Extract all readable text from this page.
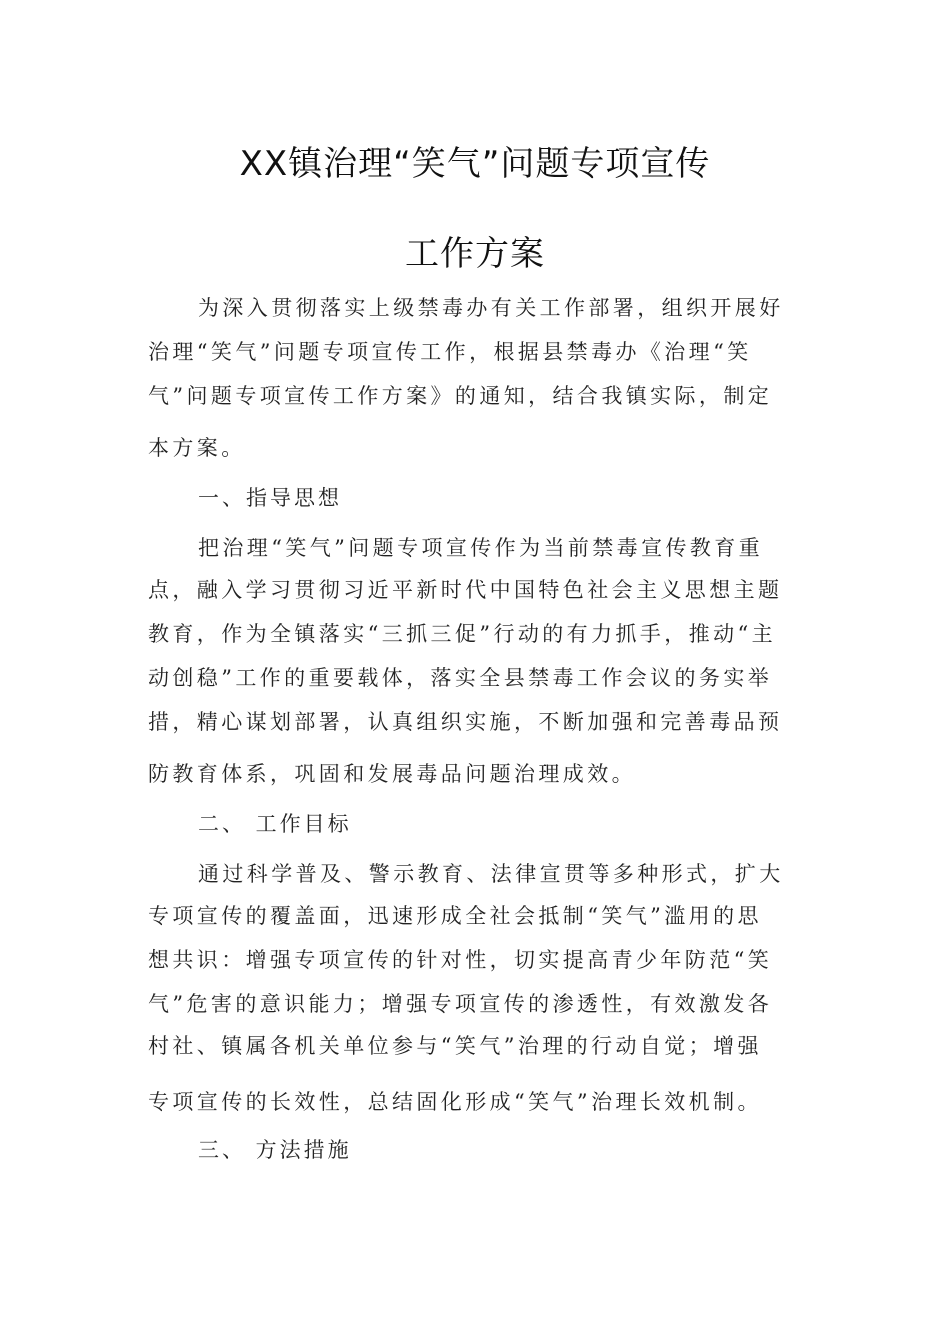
XX镇治理“笑气”问题专项宣传
工作方案
为深入贯彻落实上级禁毒办有关工作部署，组织开展好
治理“笑气”问题专项宣传工作，根据县禁毒办《治理“笑
气”问题专项宣传工作方案》的通知，结合我镇实际，制定
本方案。
一、指导思想
把治理“笑气”问题专项宣传作为当前禁毒宣传教育重
点，融入学习贯彻习近平新时代中国特色社会主义思想主题
教育，作为全镇落实“三抓三促”行动的有力抓手，推动“主
动创稳”工作的重要载体，落实全县禁毒工作会议的务实举
措，精心谋划部署，认真组织实施，不断加强和完善毒品预
防教育体系，巩固和发展毒品问题治理成效。
二、 工作目标
通过科学普及、警示教育、法律宣贯等多种形式，扩大
专项宣传的覆盖面，迅速形成全社会抵制“笑气”滥用的思
想共识：增强专项宣传的针对性，切实提高青少年防范“笑
气”危害的意识能力；增强专项宣传的渗透性，有效激发各
村社、镇属各机关单位参与“笑气”治理的行动自觉；增强
专项宣传的长效性，总结固化形成“笑气”治理长效机制。
三、 方法措施
